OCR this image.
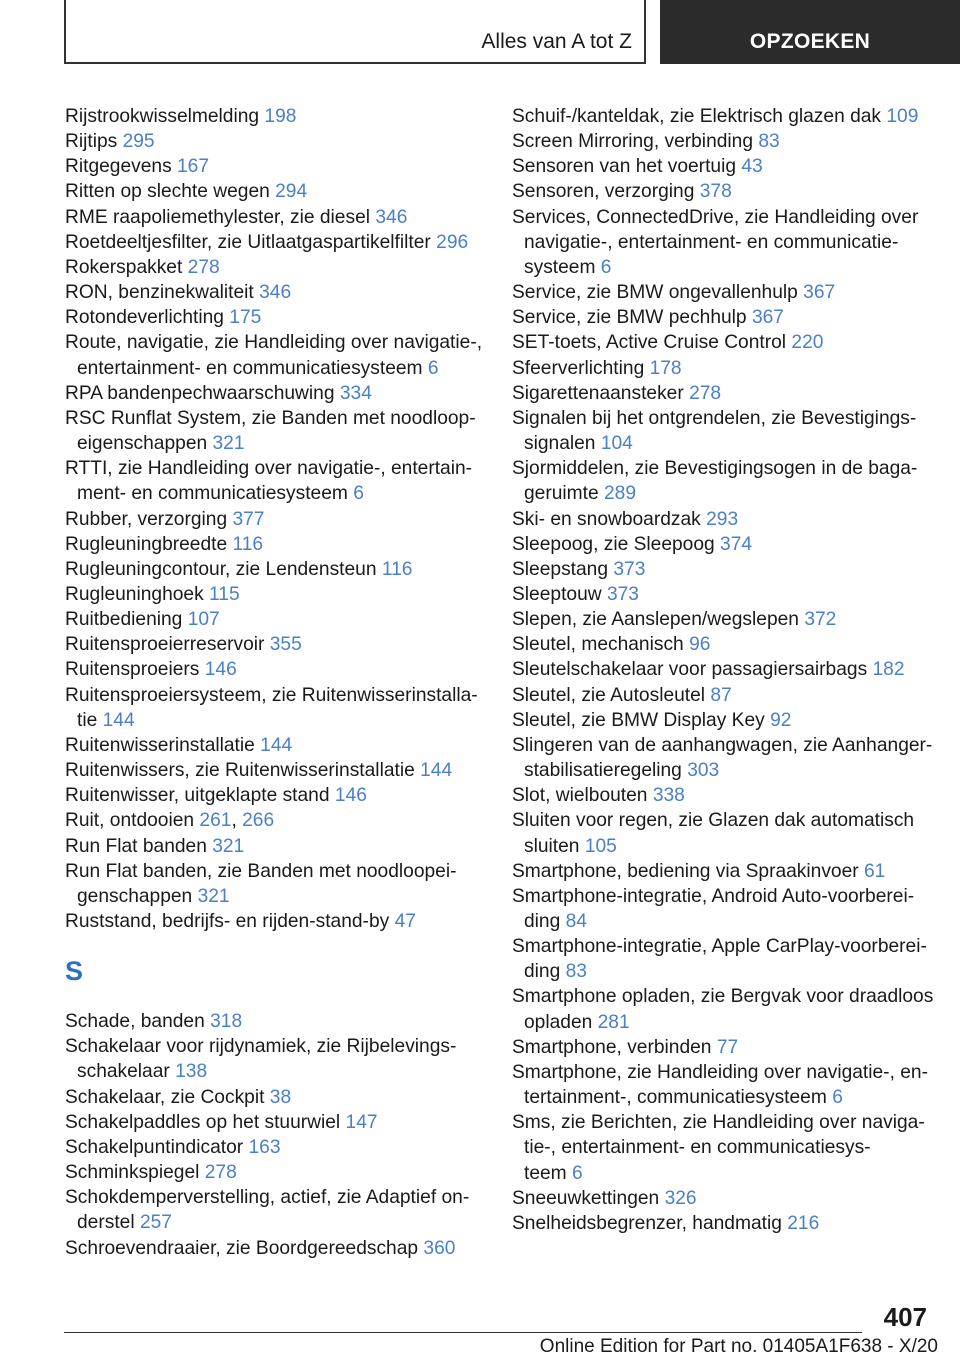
Alles van A tot Z	OPZOEKEN
Rijstrookwisselmelding 198
Rijtips 295
Ritgegevens 167
Ritten op slechte wegen 294
RME raapoliemethylester, zie diesel 346
Roetdeeltjesfilter, zie Uitlaatgaspartikelfilter 296
Rokerspakket 278
RON, benzinekwaliteit 346
Rotondeverlichting 175
Route, navigatie, zie Handleiding over navigatie-,
entertainment- en communicatiesysteem 6
RPA bandenpechwaarschuwing 334
RSC Runflat System, zie Banden met noodloop-
eigenschappen 321
RTTI, zie Handleiding over navigatie-, entertain-
ment- en communicatiesysteem 6
Rubber, verzorging 377
Rugleuningbreedte 116
Rugleuningcontour, zie Lendensteun 116
Rugleuninghoek 115
Ruitbediening 107
Ruitensproeierreservoir 355
Ruitensproeiers 146
Ruitensproeiersysteem, zie Ruitenwisserinstalla-
tie 144
Ruitenwisserinstallatie 144
Ruitenwissers, zie Ruitenwisserinstallatie 144
Ruitenwisser, uitgeklapte stand 146
Ruit, ontdooien 261, 266
Run Flat banden 321
Run Flat banden, zie Banden met noodloopei-
genschappen 321
Ruststand, bedrijfs- en rijden-stand-by 47
S
Schade, banden 318
Schakelaar voor rijdynamiek, zie Rijbelevings-
schakelaar 138
Schakelaar, zie Cockpit 38
Schakelpaddles op het stuurwiel 147
Schakelpuntindicator 163
Schminkspiegel 278
Schokdemperverstelling, actief, zie Adaptief on-
derstel 257
Schroevendraaier, zie Boordgereedschap 360
Schuif-/kanteldak, zie Elektrisch glazen dak 109
Screen Mirroring, verbinding 83
Sensoren van het voertuig 43
Sensoren, verzorging 378
Services, ConnectedDrive, zie Handleiding over
navigatie-, entertainment- en communicatie-
systeem 6
Service, zie BMW ongevallenhulp 367
Service, zie BMW pechhulp 367
SET-toets, Active Cruise Control 220
Sfeerverlichting 178
Sigarettenaansteker 278
Signalen bij het ontgrendelen, zie Bevestigings-
signalen 104
Sjormiddelen, zie Bevestigingsogen in de baga-
geruimte 289
Ski- en snowboardzak 293
Sleepoog, zie Sleepoog 374
Sleepstang 373
Sleeptouw 373
Slepen, zie Aanslepen/wegslepen 372
Sleutel, mechanisch 96
Sleutelschakelaar voor passagiersairbags 182
Sleutel, zie Autosleutel 87
Sleutel, zie BMW Display Key 92
Slingeren van de aanhangwagen, zie Aanhanger-
stabilisatieregeling 303
Slot, wielbouten 338
Sluiten voor regen, zie Glazen dak automatisch
sluiten 105
Smartphone, bediening via Spraakinvoer 61
Smartphone-integratie, Android Auto-voorberei-
ding 84
Smartphone-integratie, Apple CarPlay-voorberei-
ding 83
Smartphone opladen, zie Bergvak voor draadloos
opladen 281
Smartphone, verbinden 77
Smartphone, zie Handleiding over navigatie-, en-
tertainment-, communicatiesysteem 6
Sms, zie Berichten, zie Handleiding over naviga-
tie-, entertainment- en communicatiesys-
teem 6
Sneeuwkettingen 326
Snelheidsbegrenzer, handmatig 216
407
Online Edition for Part no. 01405A1F638 - X/20
